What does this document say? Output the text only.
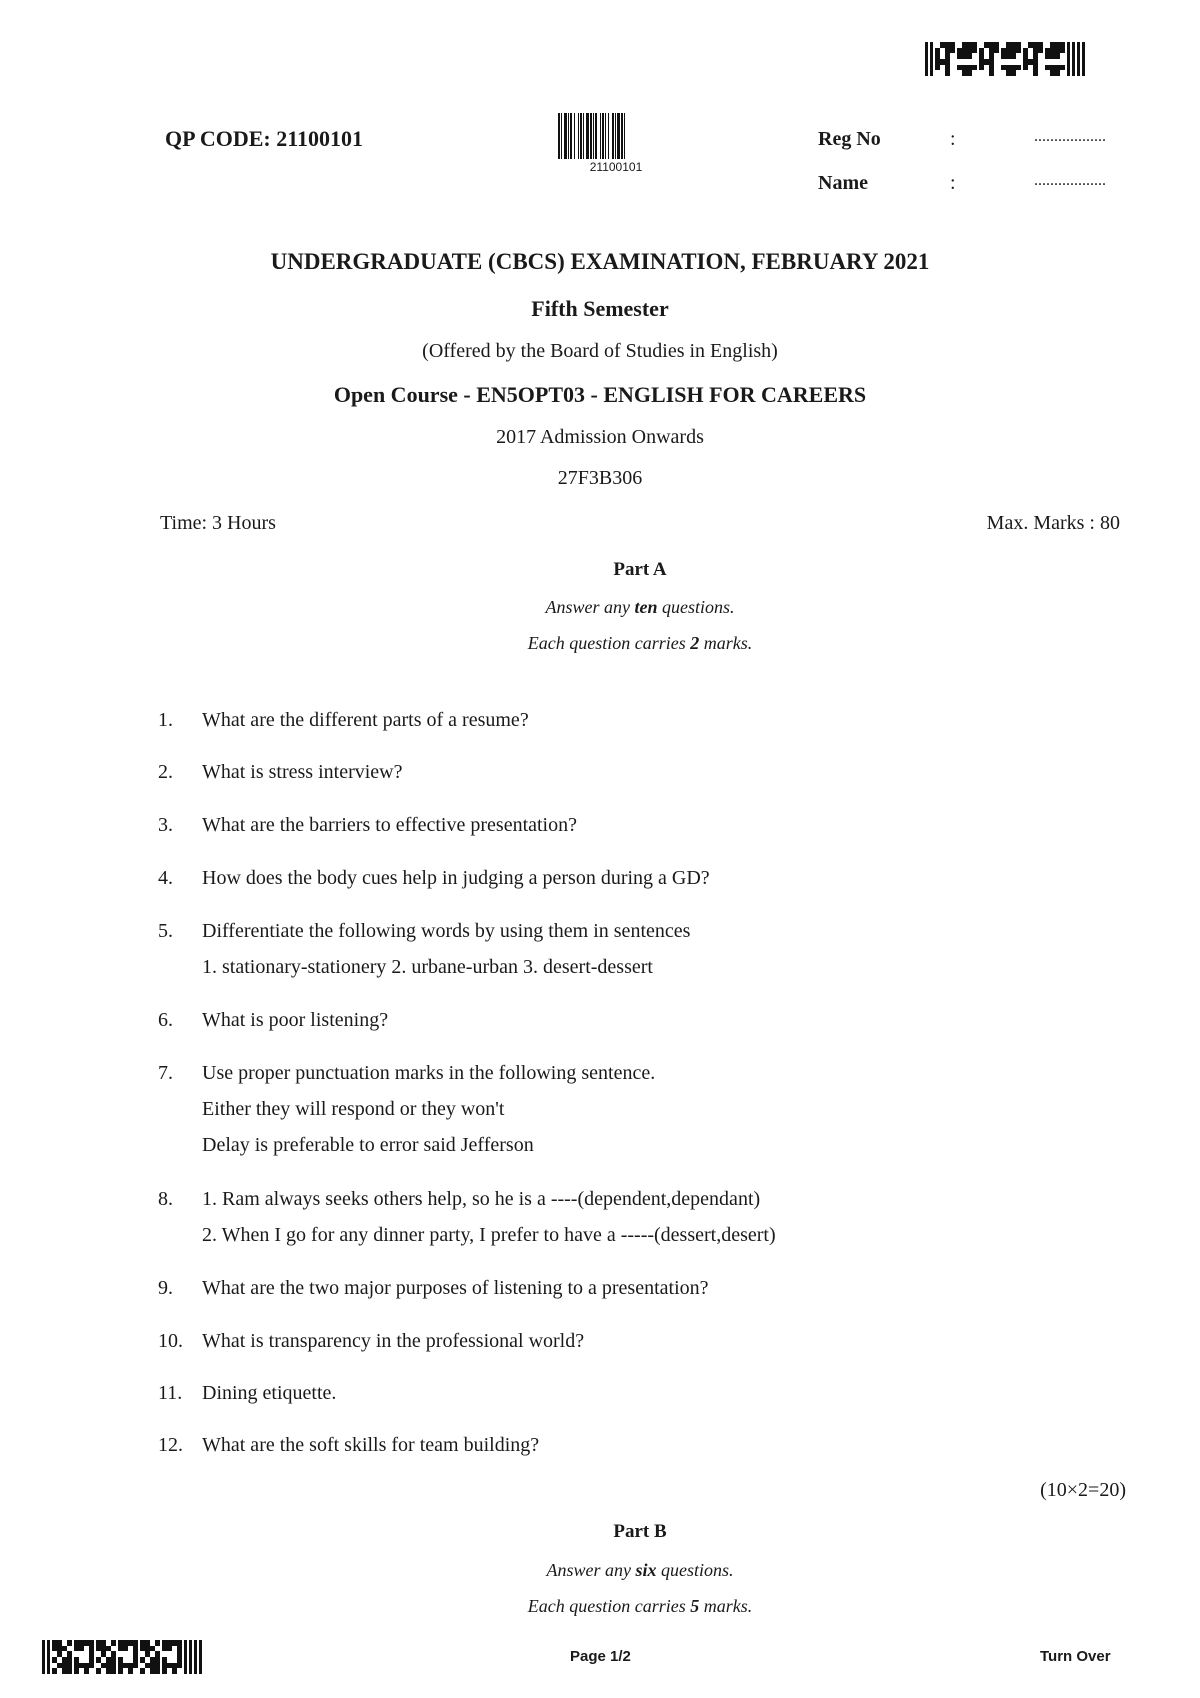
QP CODE: 21100101
21100101
Reg No	:	..................
Name	:	..................
UNDERGRADUATE (CBCS) EXAMINATION, FEBRUARY 2021
Fifth Semester
(Offered by the Board of Studies in English)
Open Course - EN5OPT03 - ENGLISH FOR CAREERS
2017 Admission Onwards
27F3B306
Time: 3 Hours	Max. Marks : 80
Part A
Answer any ten questions.
Each question carries 2 marks.
1.	What are the different parts of a resume?
2.	What is stress interview?
3.	What are the barriers to effective presentation?
4.	How does the body cues help in judging a person during a GD?
5.	Differentiate the following words by using them in sentences
1. stationary-stationery 2. urbane-urban 3. desert-dessert
6.	What is poor listening?
7.	Use proper punctuation marks in the following sentence.
Either they will respond or they won't
Delay is preferable to error said Jefferson
8.	1. Ram always seeks others help, so he is a ----(dependent,dependant)
2. When I go for any dinner party, I prefer to have a -----(dessert,desert)
9.	What are the two major purposes of listening to a presentation?
10. What is transparency in the professional world?
11. Dining etiquette.
12. What are the soft skills for team building?
(10×2=20)
Part B
Answer any six questions.
Each question carries 5 marks.
Page 1/2	Turn Over
